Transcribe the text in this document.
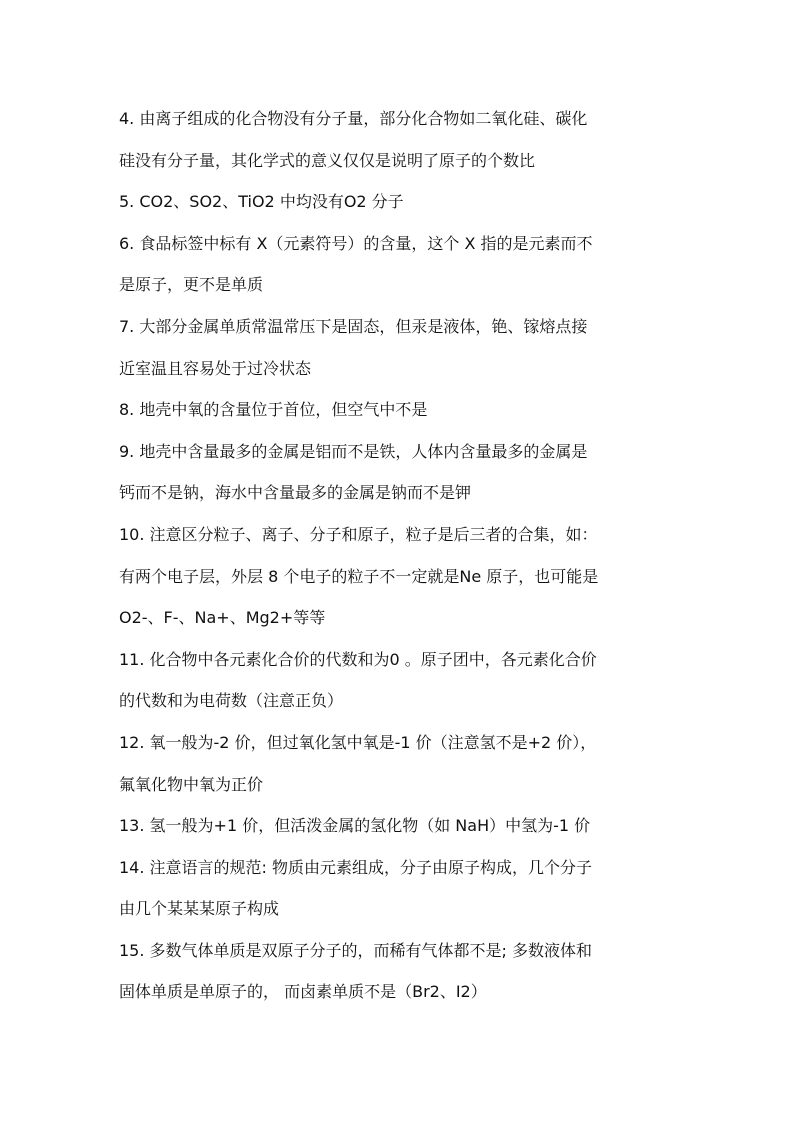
4. 由离子组成的化合物没有分子量，部分化合物如二氧化硅、碳化
硅没有分子量，其化学式的意义仅仅是说明了原子的个数比
5. CO2、SO2、TiO2 中均没有O2 分子
6. 食品标签中标有 X（元素符号）的含量，这个 X 指的是元素而不
是原子，更不是单质
7. 大部分金属单质常温常压下是固态，但汞是液体，铯、镓熔点接
近室温且容易处于过冷状态
8. 地壳中氧的含量位于首位，但空气中不是
9. 地壳中含量最多的金属是铝而不是铁，人体内含量最多的金属是
钙而不是钠，海水中含量最多的金属是钠而不是钾
10. 注意区分粒子、离子、分子和原子，粒子是后三者的合集，如：
有两个电子层，外层 8 个电子的粒子不一定就是Ne 原子，也可能是
O2-、F-、Na+、Mg2+等等
11. 化合物中各元素化合价的代数和为0 。原子团中，各元素化合价
的代数和为电荷数（注意正负）
12. 氧一般为-2 价，但过氧化氢中氧是-1 价（注意氢不是+2 价），
氟氧化物中氧为正价
13. 氢一般为+1 价，但活泼金属的氢化物（如 NaH）中氢为-1 价
14. 注意语言的规范: 物质由元素组成，分子由原子构成，几个分子
由几个某某某原子构成
15. 多数气体单质是双原子分子的，而稀有气体都不是; 多数液体和
固体单质是单原子的， 而卤素单质不是（Br2、I2）
